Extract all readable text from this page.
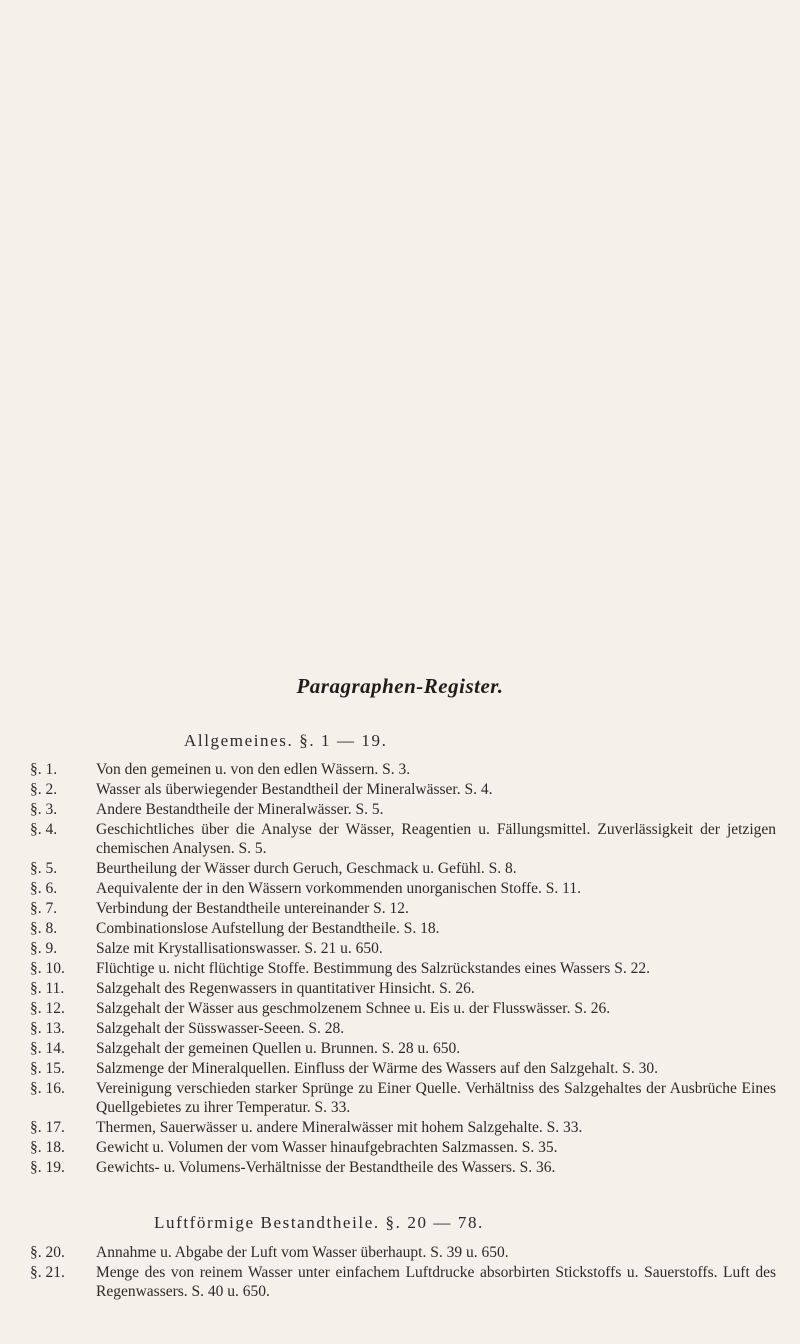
Paragraphen-Register.
Allgemeines. §. 1 — 19.
§. 1.	Von den gemeinen u. von den edlen Wässern. S. 3.
§. 2.	Wasser als überwiegender Bestandtheil der Mineralwässer. S. 4.
§. 3.	Andere Bestandtheile der Mineralwässer. S. 5.
§. 4.	Geschichtliches über die Analyse der Wässer, Reagentien u. Fällungsmittel. Zuverlässigkeit der jetzigen chemischen Analysen. S. 5.
§. 5.	Beurtheilung der Wässer durch Geruch, Geschmack u. Gefühl. S. 8.
§. 6.	Aequivalente der in den Wässern vorkommenden unorganischen Stoffe. S. 11.
§. 7.	Verbindung der Bestandtheile untereinander S. 12.
§. 8.	Combinationslose Aufstellung der Bestandtheile. S. 18.
§. 9.	Salze mit Krystallisationswasser. S. 21 u. 650.
§. 10.	Flüchtige u. nicht flüchtige Stoffe. Bestimmung des Salzrückstandes eines Wassers S. 22.
§. 11.	Salzgehalt des Regenwassers in quantitativer Hinsicht. S. 26.
§. 12.	Salzgehalt der Wässer aus geschmolzenem Schnee u. Eis u. der Flusswässer. S. 26.
§. 13.	Salzgehalt der Süsswasser-Seeen. S. 28.
§. 14.	Salzgehalt der gemeinen Quellen u. Brunnen. S. 28 u. 650.
§. 15.	Salzmenge der Mineralquellen. Einfluss der Wärme des Wassers auf den Salzgehalt. S. 30.
§. 16.	Vereinigung verschieden starker Sprünge zu Einer Quelle. Verhältniss des Salzgehaltes der Ausbrüche Eines Quellgebietes zu ihrer Temperatur. S. 33.
§. 17.	Thermen, Sauerwässer u. andere Mineralwässer mit hohem Salzgehalte. S. 33.
§. 18.	Gewicht u. Volumen der vom Wasser hinaufgebrachten Salzmassen. S. 35.
§. 19.	Gewichts- u. Volumens-Verhältnisse der Bestandtheile des Wassers. S. 36.
Luftförmige Bestandtheile. §. 20 — 78.
§. 20.	Annahme u. Abgabe der Luft vom Wasser überhaupt. S. 39 u. 650.
§. 21.	Menge des von reinem Wasser unter einfachem Luftdrucke absorbirten Stickstoffs u. Sauerstoffs. Luft des Regenwassers. S. 40 u. 650.
